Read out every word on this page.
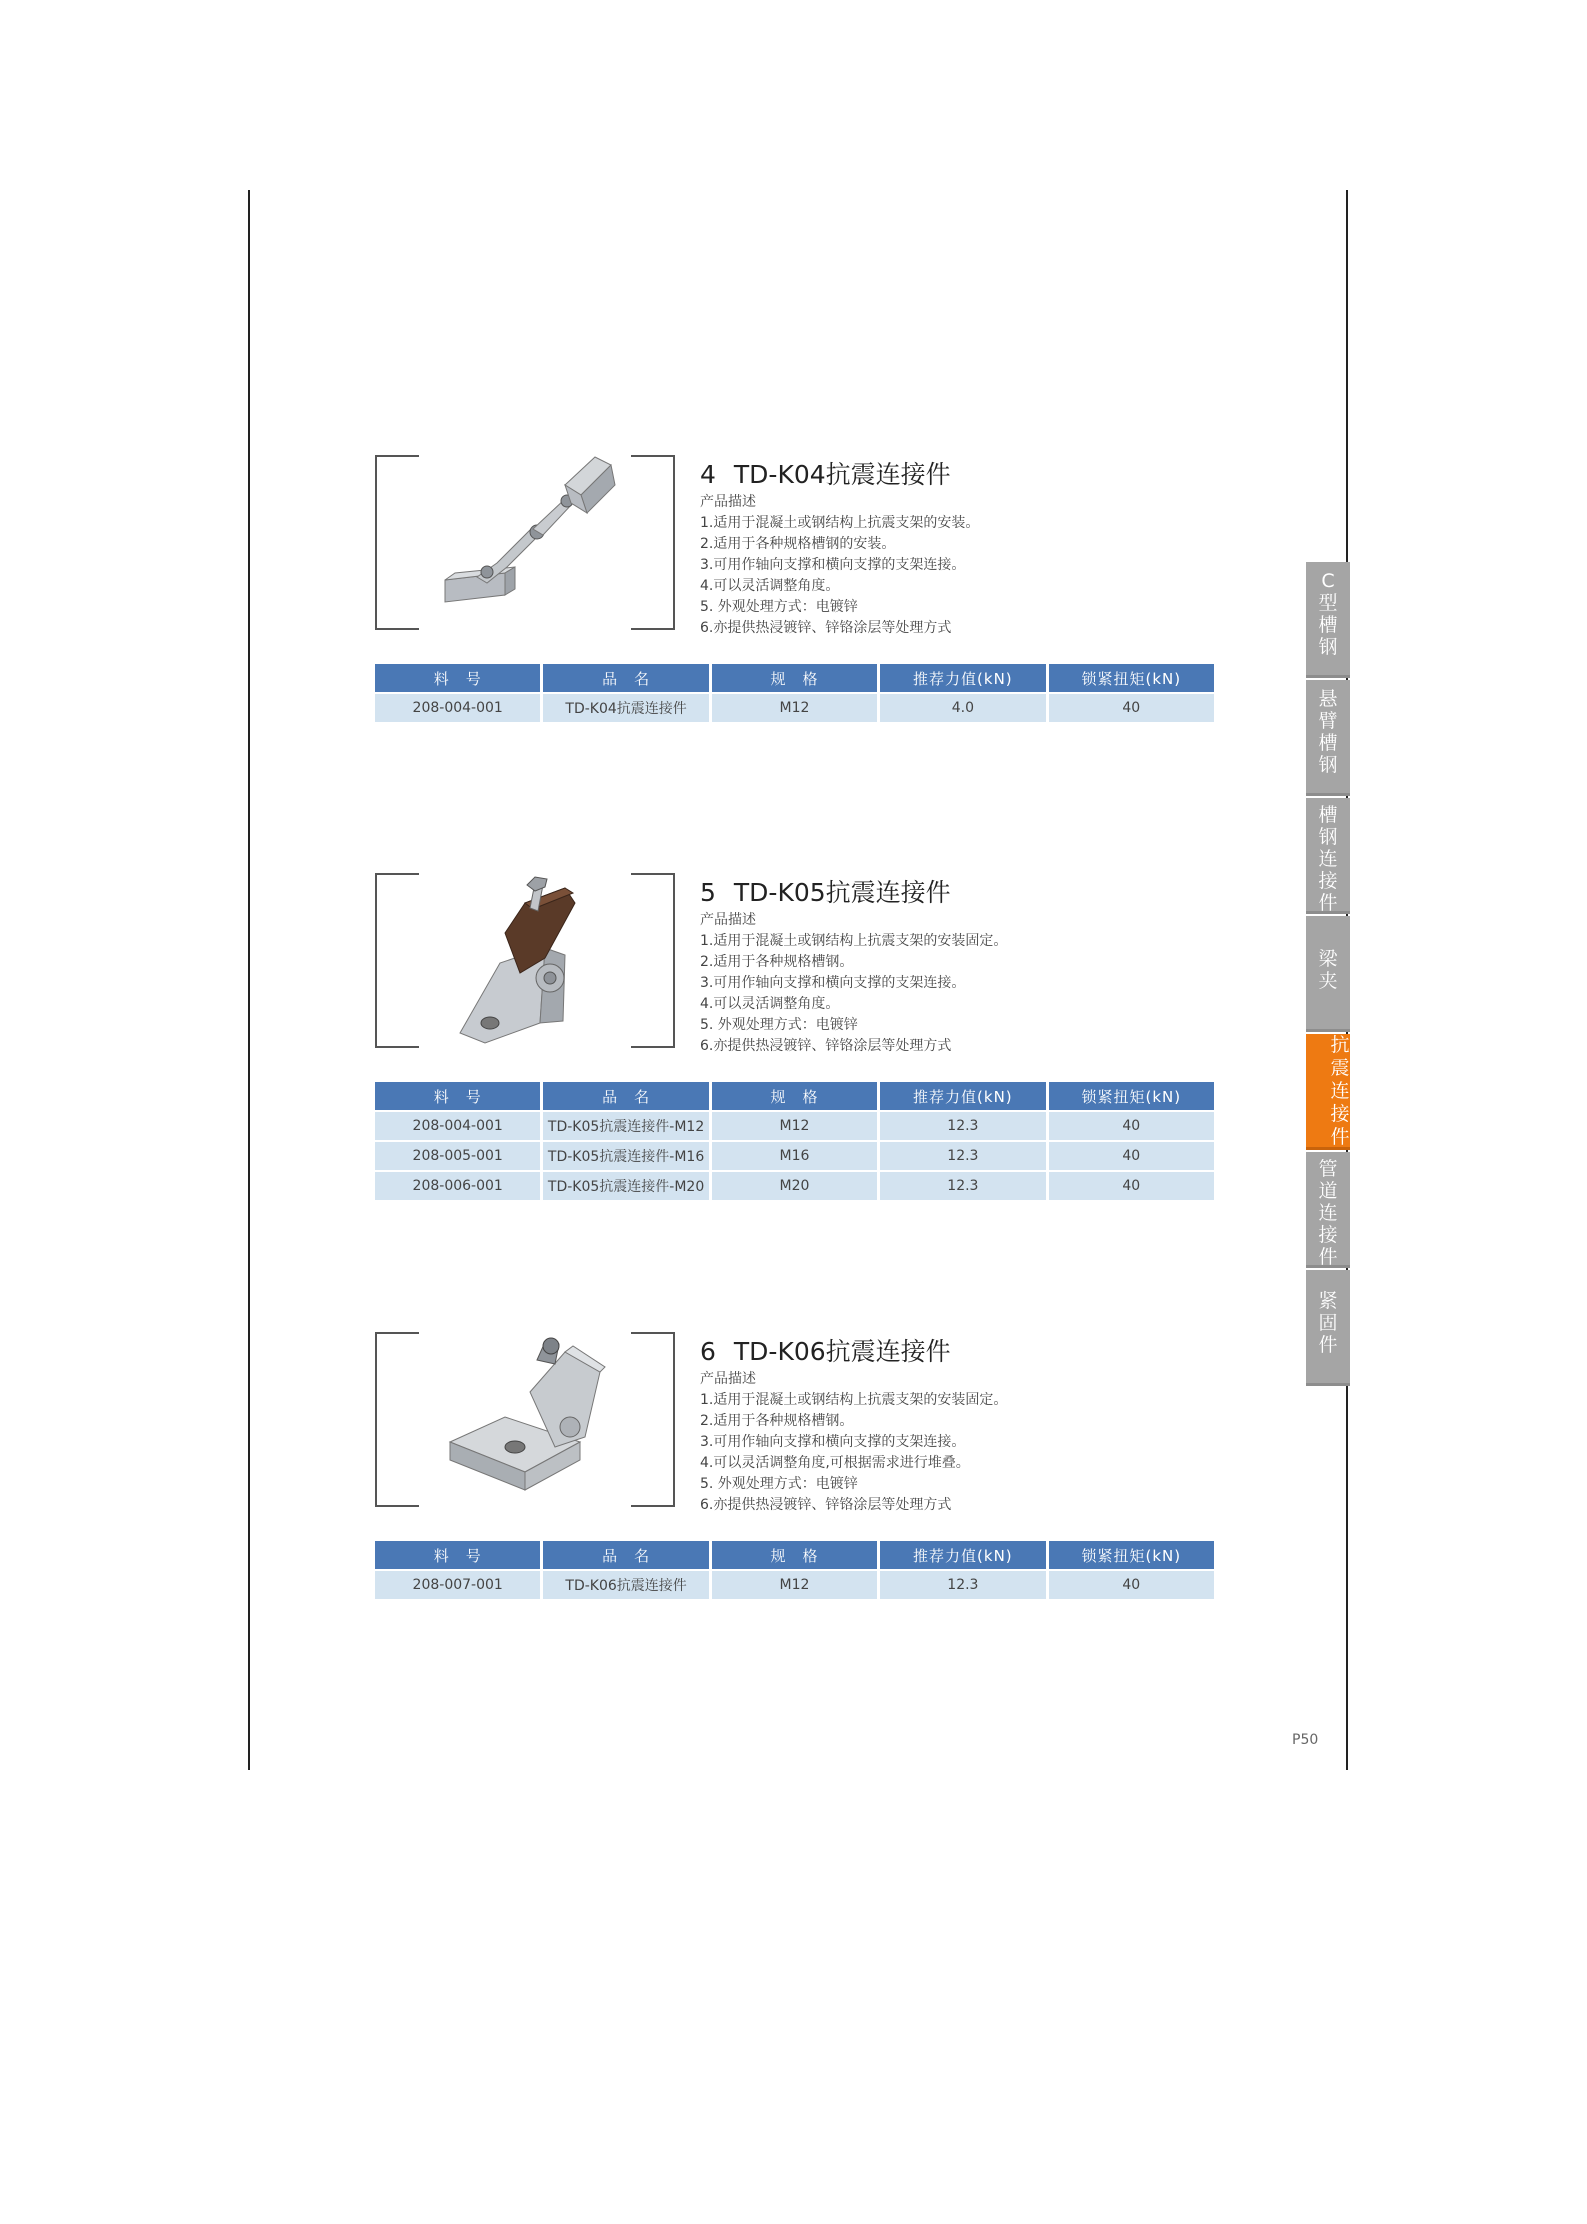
4 TD-K04抗震连接件
产品描述
1.适用于混凝土或钢结构上抗震支架的安装。
2.适用于各种规格槽钢的安装。
3.可用作轴向支撑和横向支撑的支架连接。
4.可以灵活调整角度。
5. 外观处理方式：电镀锌
6.亦提供热浸镀锌、锌铬涂层等处理方式
料　号	品　名	规　格	推荐力值(kN)	锁紧扭矩(kN)
208-004-001	TD-K04抗震连接件	M12	4.0	40
5 TD-K05抗震连接件
产品描述
1.适用于混凝土或钢结构上抗震支架的安装固定。
2.适用于各种规格槽钢。
3.可用作轴向支撑和横向支撑的支架连接。
4.可以灵活调整角度。
5. 外观处理方式：电镀锌
6.亦提供热浸镀锌、锌铬涂层等处理方式
料　号	品　名	规　格	推荐力值(kN)	锁紧扭矩(kN)
208-004-001	TD-K05抗震连接件-M12	M12	12.3	40
208-005-001	TD-K05抗震连接件-M16	M16	12.3	40
208-006-001	TD-K05抗震连接件-M20	M20	12.3	40
6 TD-K06抗震连接件
产品描述
1.适用于混凝土或钢结构上抗震支架的安装固定。
2.适用于各种规格槽钢。
3.可用作轴向支撑和横向支撑的支架连接。
4.可以灵活调整角度,可根据需求进行堆叠。
5. 外观处理方式：电镀锌
6.亦提供热浸镀锌、锌铬涂层等处理方式
料　号	品　名	规　格	推荐力值(kN)	锁紧扭矩(kN)
208-007-001	TD-K06抗震连接件	M12	12.3	40
C
型
槽
钢
悬
臂
槽
钢
槽
钢
连
接
件
梁
夹
抗
震
连
接
件
管
道
连
接
件
紧
固
件
P50
